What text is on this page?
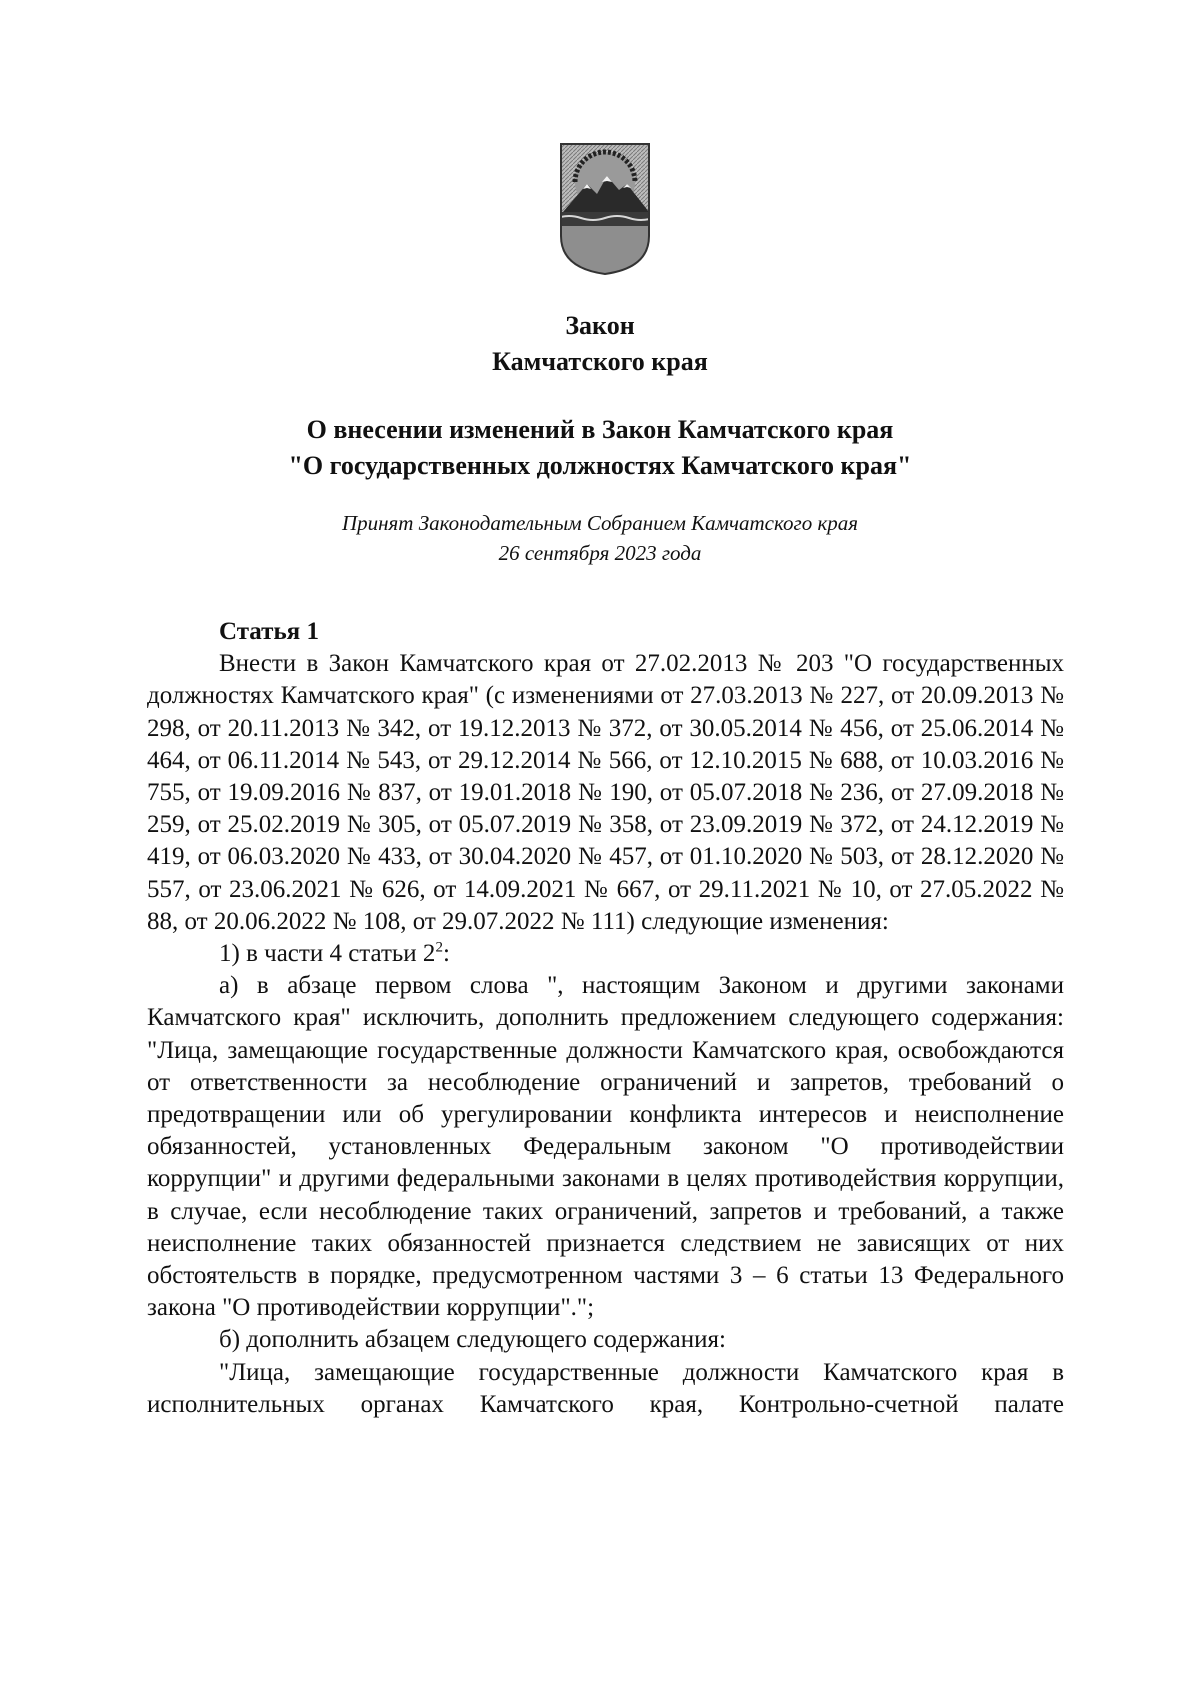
Закон
Камчатского края
О внесении изменений в Закон Камчатского края
"О государственных должностях Камчатского края"
Принят Законодательным Собранием Камчатского края
26 сентября 2023 года

Статья 1

Внести в Закон Камчатского края от 27.02.2013 № 203 "О государственных должностях Камчатского края" (с изменениями от 27.03.2013 № 227, от 20.09.2013 № 298, от 20.11.2013 № 342, от 19.12.2013 № 372, от 30.05.2014 № 456, от 25.06.2014 № 464, от 06.11.2014 № 543, от 29.12.2014 № 566, от 12.10.2015 № 688, от 10.03.2016 № 755, от 19.09.2016 № 837, от 19.01.2018 № 190, от 05.07.2018 № 236, от 27.09.2018 № 259, от 25.02.2019 № 305, от 05.07.2019 № 358, от 23.09.2019 № 372, от 24.12.2019 № 419, от 06.03.2020 № 433, от 30.04.2020 № 457, от 01.10.2020 № 503, от 28.12.2020 № 557, от 23.06.2021 № 626, от 14.09.2021 № 667, от 29.11.2021 № 10, от 27.05.2022 № 88, от 20.06.2022 № 108, от 29.07.2022 № 111) следующие изменения:

1) в части 4 статьи $2^2$:

а) в абзаце первом слова ", настоящим Законом и другими законами Камчатского края" исключить, дополнить предложением следующего содержания: "Лица, замещающие государственные должности Камчатского края, освобождаются от ответственности за несоблюдение ограничений и запретов, требований о предотвращении или об урегулировании конфликта интересов и неисполнение обязанностей, установленных Федеральным законом "О противодействии коррупции" и другими федеральными законами в целях противодействия коррупции, в случае, если несоблюдение таких ограничений, запретов и требований, а также неисполнение таких обязанностей признается следствием не зависящих от них обстоятельств в порядке, предусмотренном частями 3 – 6 статьи 13 Федерального закона "О противодействии коррупции".";

б) дополнить абзацем следующего содержания:

"Лица, замещающие государственные должности Камчатского края в исполнительных органах Камчатского края, Контрольно-счетной палате
